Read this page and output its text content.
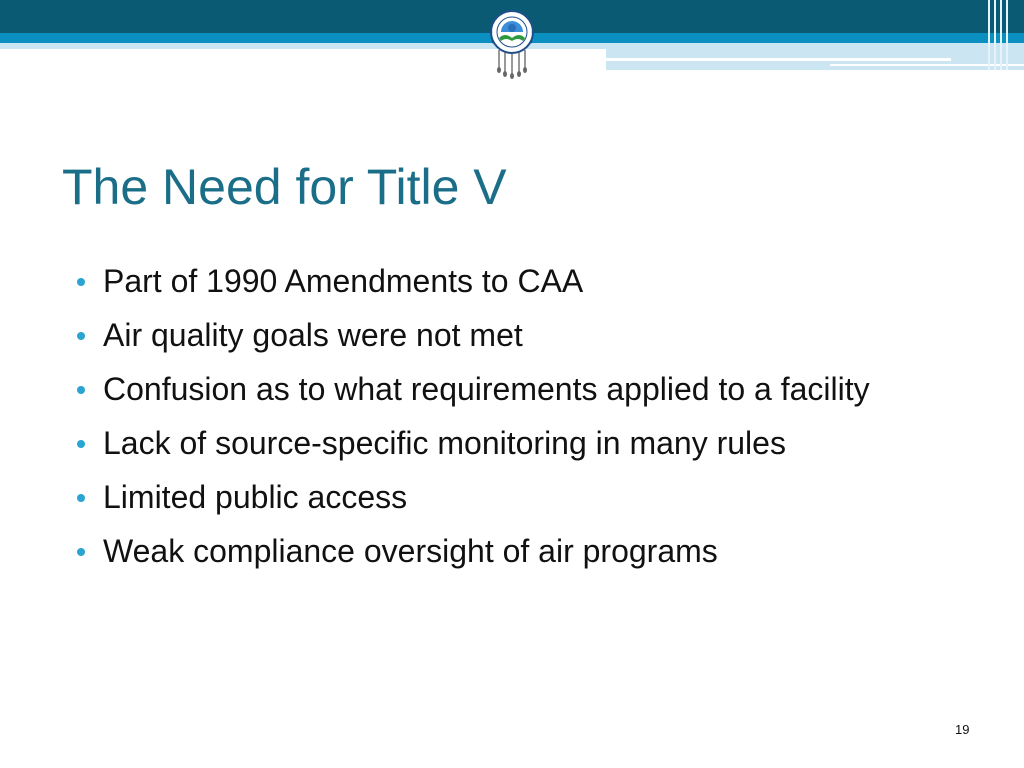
The Need for Title V
Part of 1990 Amendments to CAA
Air quality goals were not met
Confusion as to what requirements applied to a facility
Lack of source-specific monitoring in many rules
Limited public access
Weak compliance oversight of air programs
19
